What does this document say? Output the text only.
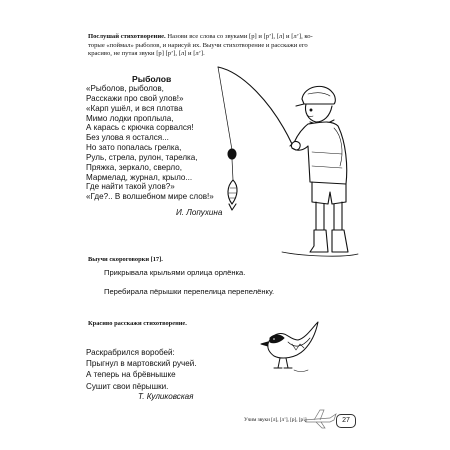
Послушай стихотворение. Назови все слова со звуками [р] и [р’], [л] и [л’], ко-
торые «поймал» рыболов, и нарисуй их. Выучи стихотворение и расскажи его
красиво, не путая звуки [р] [р’], [л] и [л’].
Рыболов
«Рыболов, рыболов,
Расскажи про свой улов!»
«Карп ушёл, и вся плотва
Мимо лодки проплыла,
А карась с крючка сорвался!
Без улова я остался...
Но зато попалась грелка,
Руль, стрела, рулон, тарелка,
Пряжка, зеркало, сверло,
Мармелад, журнал, крыло...
Где найти такой улов?»
«Где?.. В волшебном мире слов!»
И. Лопухина
Выучи скороговорки [17].
Прикрывала крыльями орлица орлёнка.
Перебирала пёрышки перепелица перепелёнку.
Красиво расскажи стихотворение.
Раскрабрился воробей:
Прыгнул в мартовский ручей.
А теперь на брёвнышке
Сушит свои пёрышки.
Т. Куликовская
Учим звуки [л], [л’], [р], [р’]	27
